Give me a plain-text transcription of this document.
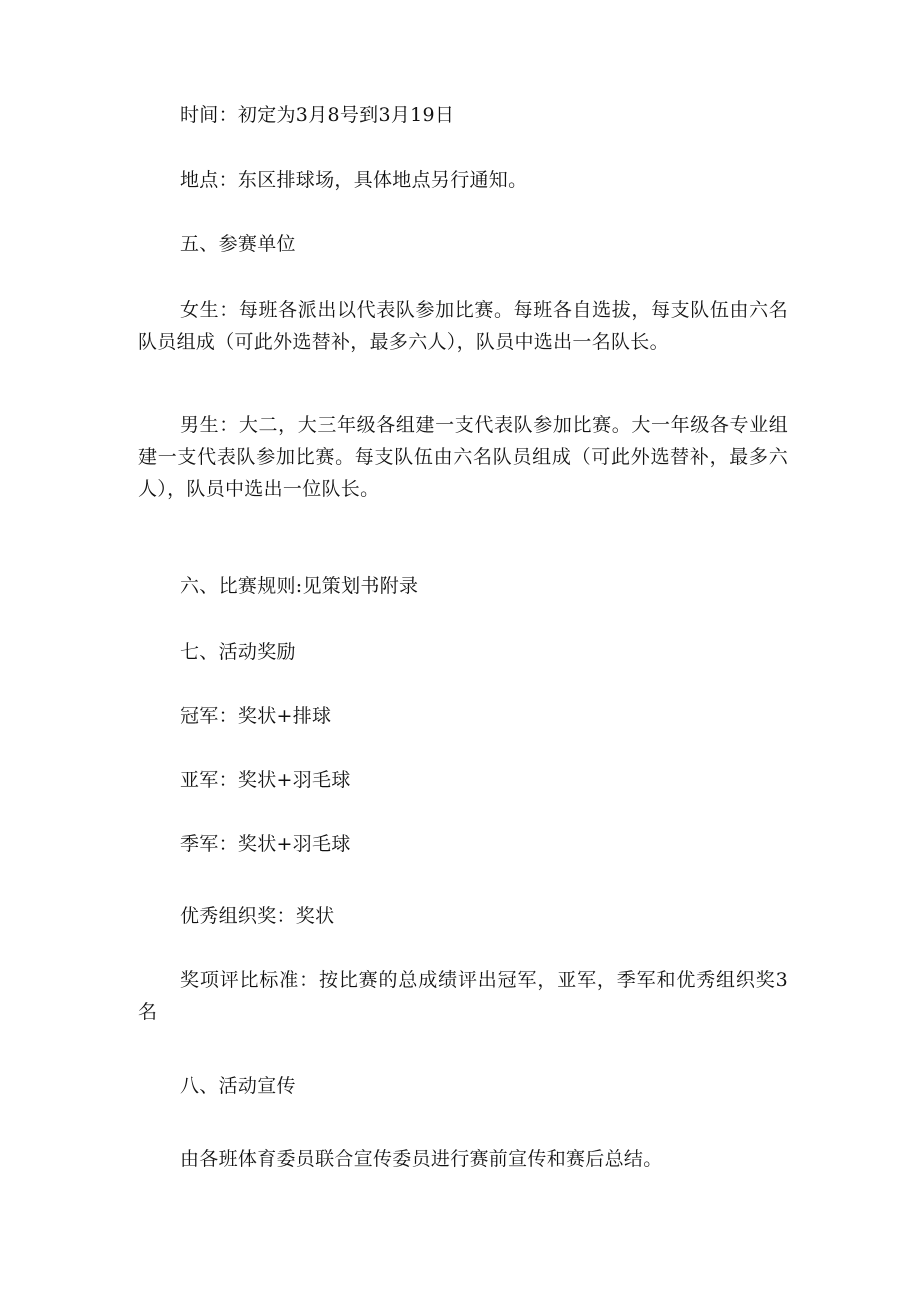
时间：初定为3月8号到3月19日

地点：东区排球场，具体地点另行通知。

五、参赛单位

女生：每班各派出以代表队参加比赛。每班各自选拔，每支队伍由六名队员组成（可此外选替补，最多六人），队员中选出一名队长。

男生：大二，大三年级各组建一支代表队参加比赛。大一年级各专业组建一支代表队参加比赛。每支队伍由六名队员组成（可此外选替补，最多六人），队员中选出一位队长。

六、比赛规则:见策划书附录

七、活动奖励

冠军：奖状+排球

亚军：奖状+羽毛球

季军：奖状+羽毛球

优秀组织奖：奖状

奖项评比标准：按比赛的总成绩评出冠军，亚军，季军和优秀组织奖3名

八、活动宣传

由各班体育委员联合宣传委员进行赛前宣传和赛后总结。
